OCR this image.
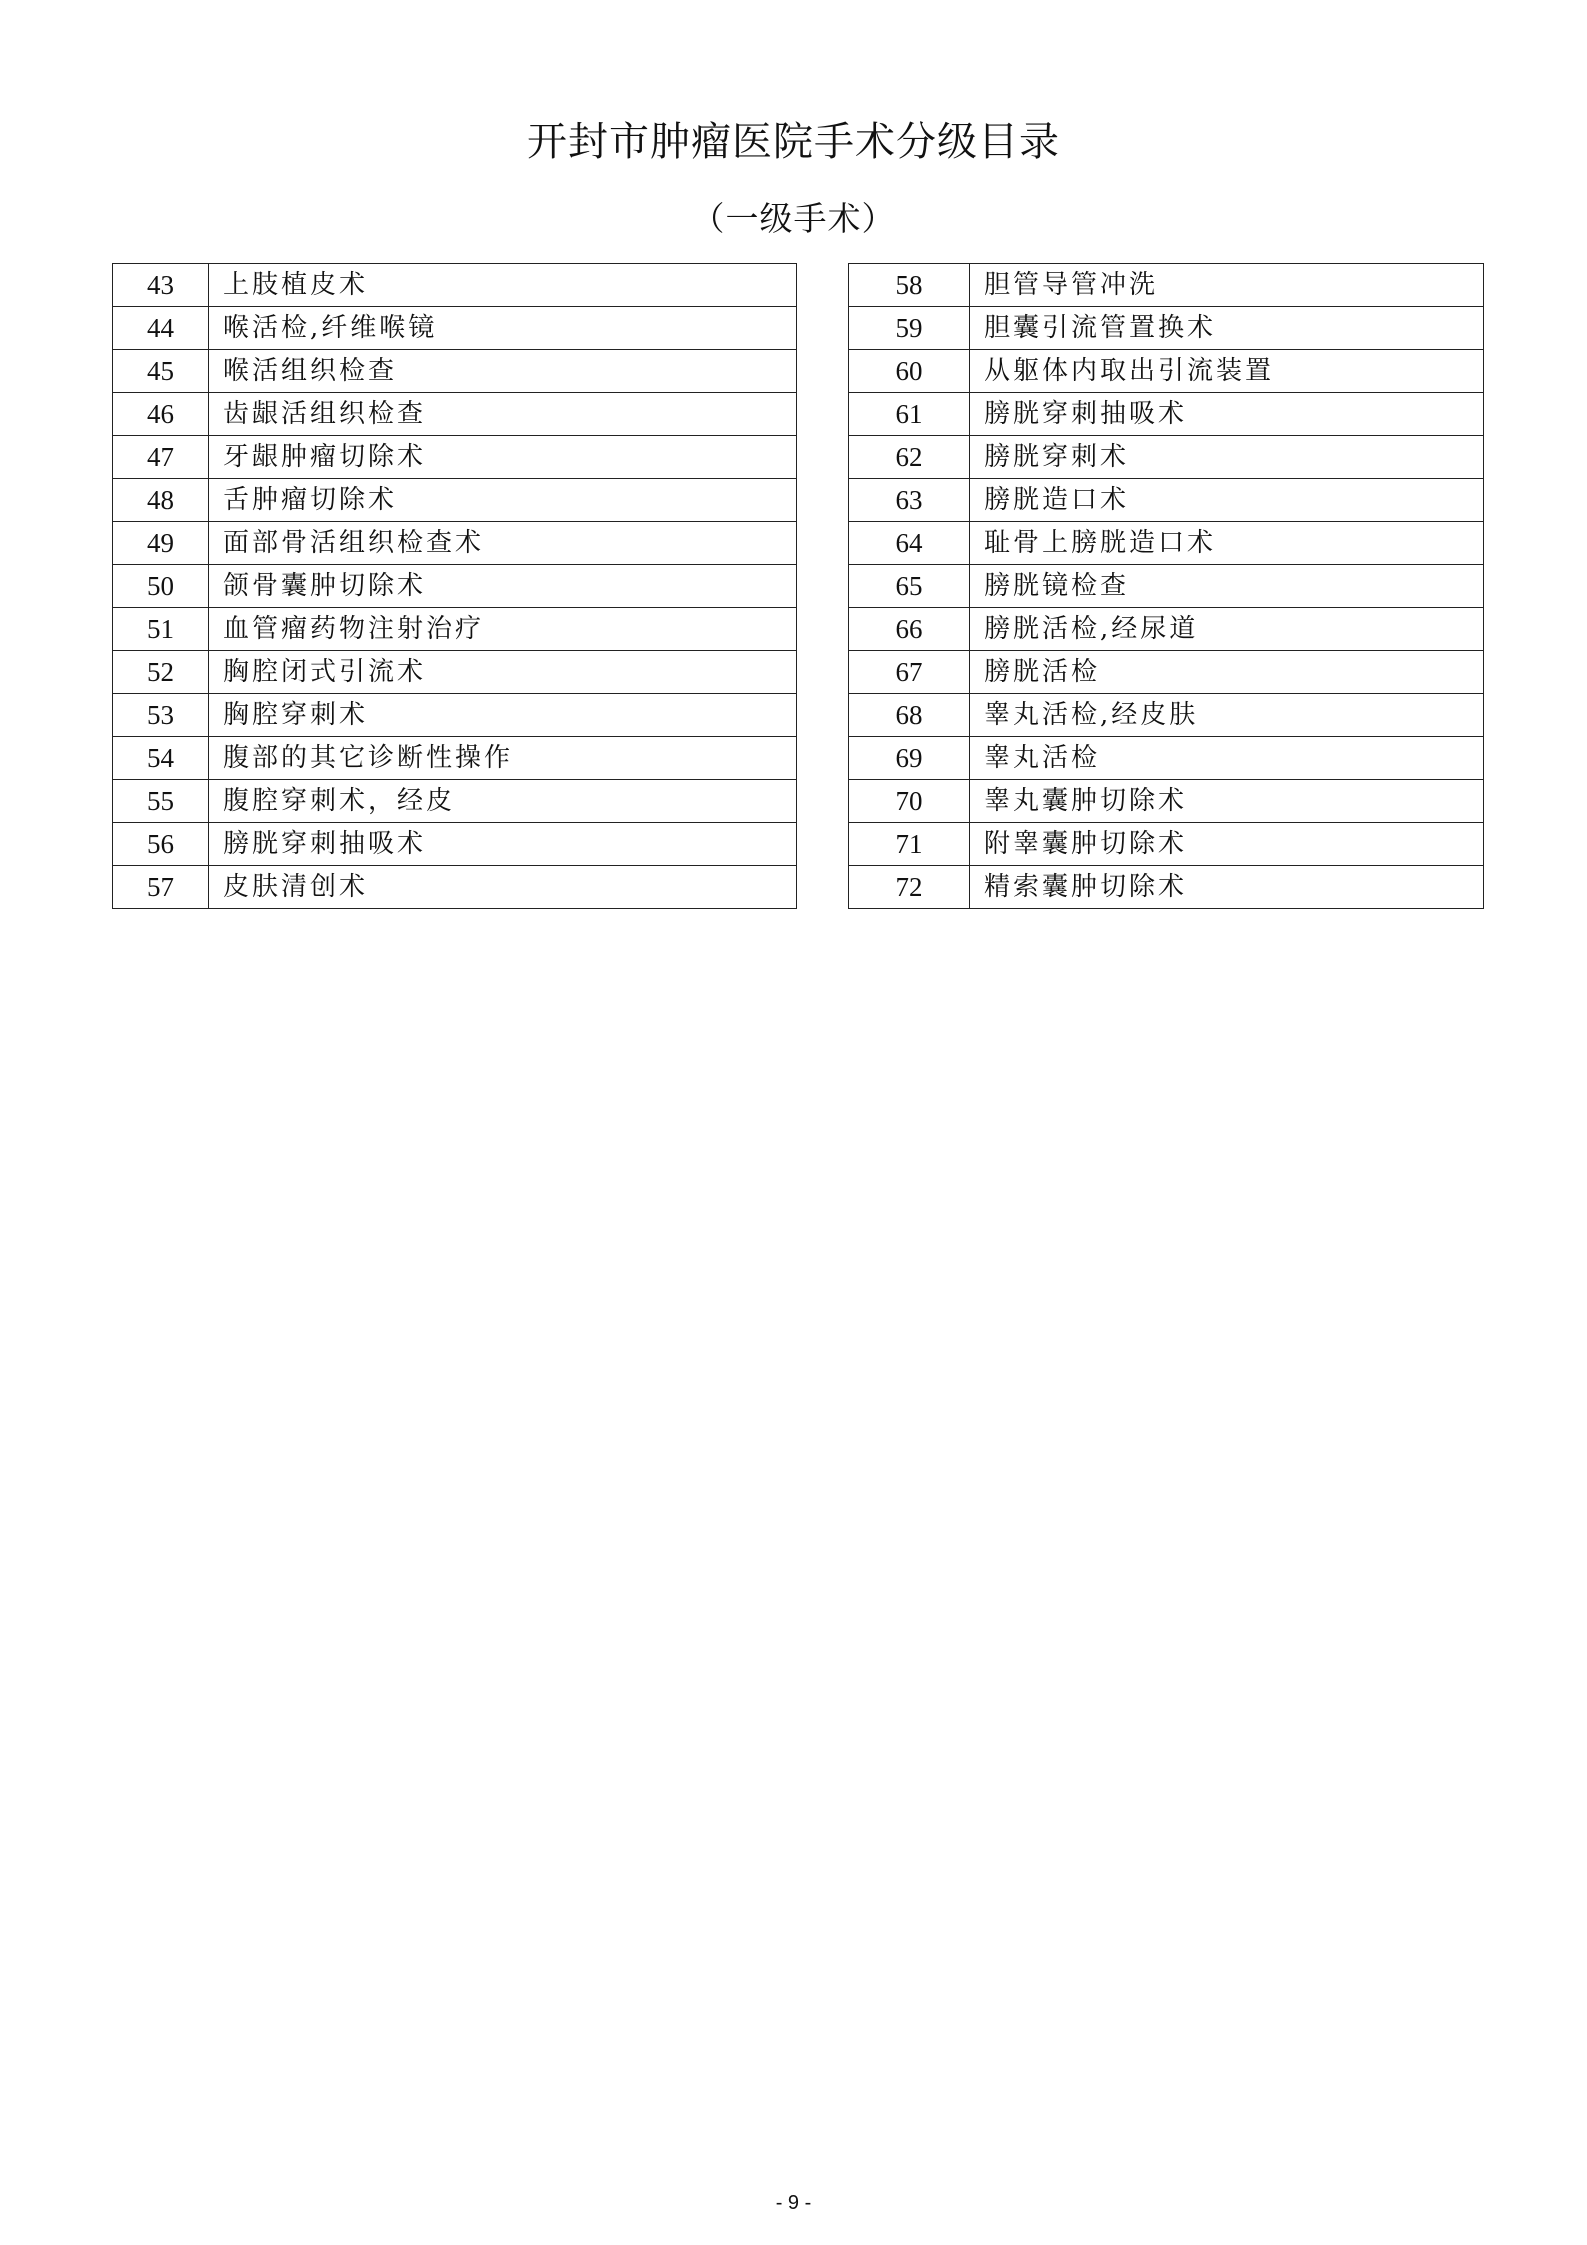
开封市肿瘤医院手术分级目录
（一级手术）
43	上肢植皮术		58	胆管导管冲洗
44	喉活检,纤维喉镜		59	胆囊引流管置换术
45	喉活组织检查		60	从躯体内取出引流装置
46	齿龈活组织检查		61	膀胱穿刺抽吸术
47	牙龈肿瘤切除术		62	膀胱穿刺术
48	舌肿瘤切除术		63	膀胱造口术
49	面部骨活组织检查术		64	耻骨上膀胱造口术
50	颌骨囊肿切除术		65	膀胱镜检查
51	血管瘤药物注射治疗		66	膀胱活检,经尿道
52	胸腔闭式引流术		67	膀胱活检
53	胸腔穿刺术		68	睾丸活检,经皮肤
54	腹部的其它诊断性操作		69	睾丸活检
55	腹腔穿刺术，经皮		70	睾丸囊肿切除术
56	膀胱穿刺抽吸术		71	附睾囊肿切除术
57	皮肤清创术		72	精索囊肿切除术
- 9 -
